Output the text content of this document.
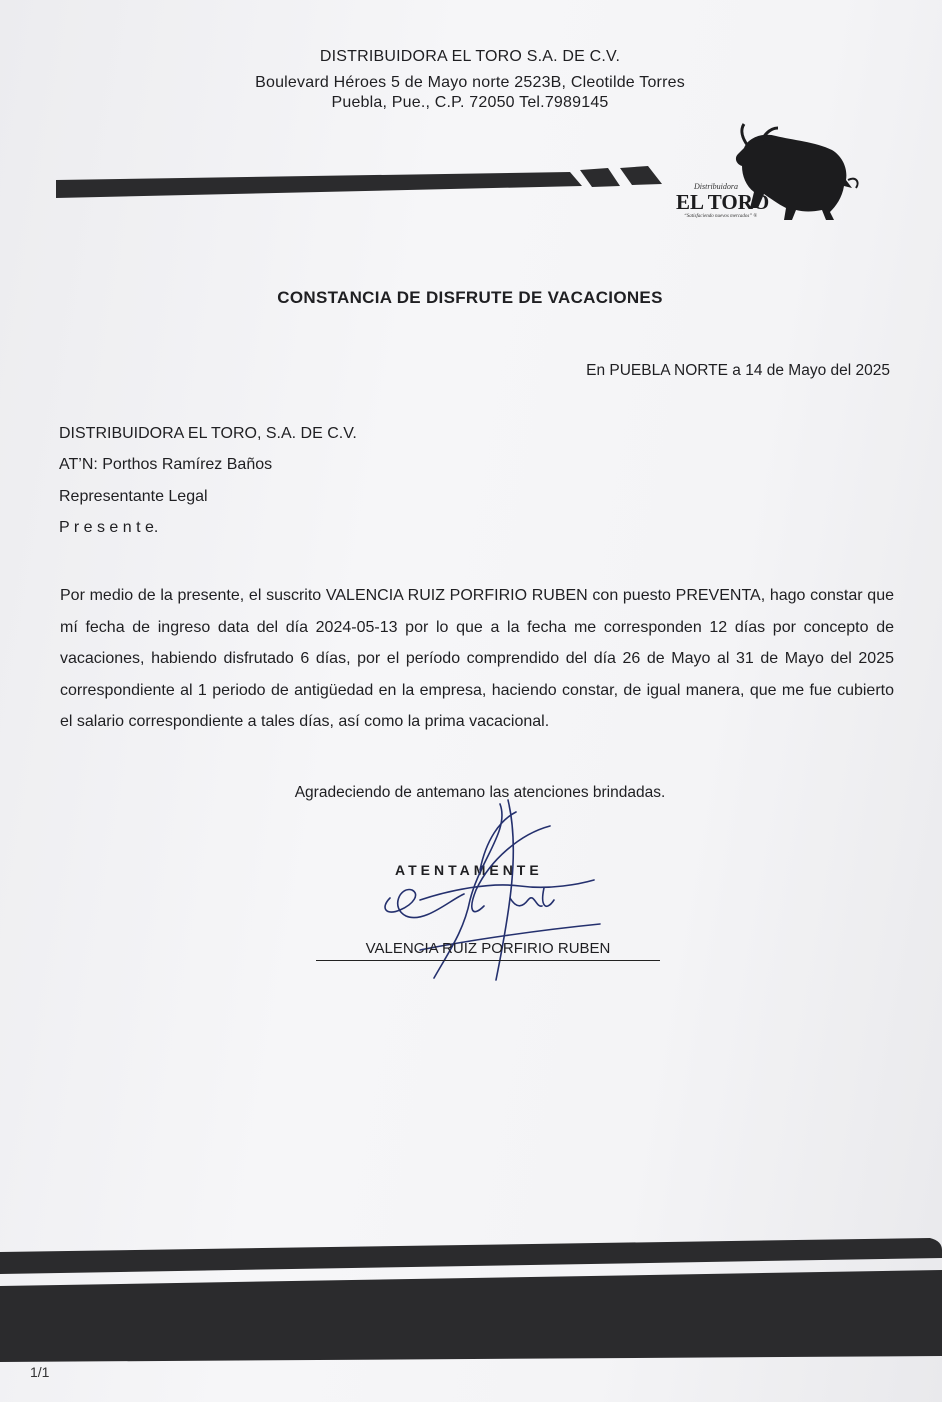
DISTRIBUIDORA EL TORO S.A. DE C.V.
Boulevard Héroes 5 de Mayo norte 2523B, Cleotilde Torres
Puebla, Pue., C.P. 72050 Tel.7989145
Distribuidora
EL TORO
“Satisfaciendo nuevos mercados” ®
CONSTANCIA DE DISFRUTE DE VACACIONES
En PUEBLA NORTE a 14 de Mayo del 2025
DISTRIBUIDORA EL TORO, S.A. DE C.V.
AT’N: Porthos Ramírez Baños
Representante Legal
P r e s e n t e.
Por medio de la presente, el suscrito VALENCIA RUIZ PORFIRIO RUBEN con puesto PREVENTA, hago constar que mí fecha de ingreso data del día 2024-05-13 por lo que a la fecha me corresponden 12 días por concepto de vacaciones, habiendo disfrutado 6 días, por el período comprendido del día 26 de Mayo al 31 de Mayo del 2025 correspondiente al 1 periodo de antigüedad en la empresa, haciendo constar, de igual manera, que me fue cubierto el salario correspondiente a tales días, así como la prima vacacional.
Agradeciendo de antemano las atenciones brindadas.
ATENTAMENTE
VALENCIA RUIZ PORFIRIO RUBEN
1/1
